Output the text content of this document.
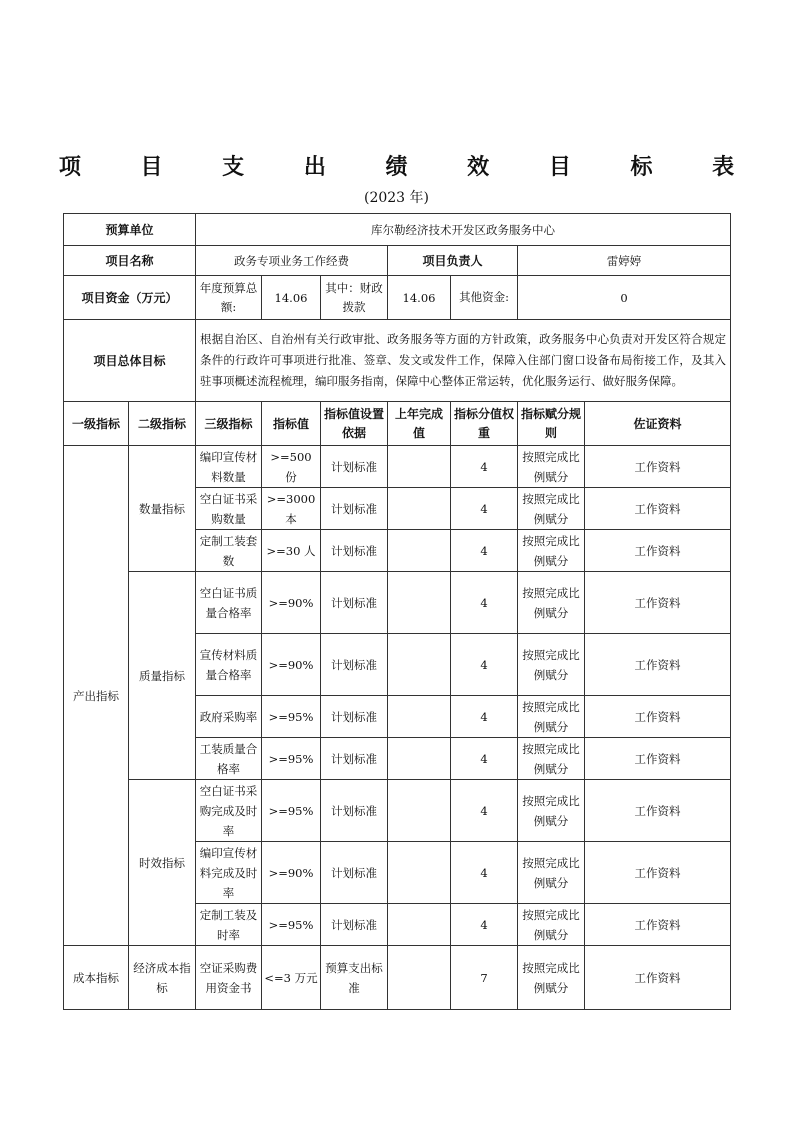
项 目 支 出 绩 效 目 标 表
(2023 年)
预算单位		库尔勒经济技术开发区政务服务中心						
项目名称		政务专项业务工作经费			项目负责人		雷婷婷	
项目资金（万元）		年度预算总额:	14.06	其中：财政拨款	14.06	其他资金:	0	
项目总体目标		根据自治区、自治州有关行政审批、政务服务等方面的方针政策，政务服务中心负责对开发区符合规定条件的行政许可事项进行批准、签章、发文或发件工作，保障入住部门窗口设备布局衔接工作，及其入驻事项概述流程梳理，编印服务指南，保障中心整体正常运转，优化服务运行、做好服务保障。						
一级指标	二级指标	三级指标	指标值	指标值设置依据	上年完成值	指标分值权重	指标赋分规则	佐证资料
产出指标	数量指标	编印宣传材料数量	>=500 份	计划标准		4	按照完成比例赋分	工作资料
		空白证书采购数量	>=3000 本	计划标准		4	按照完成比例赋分	工作资料
		定制工装套数	>=30 人	计划标准		4	按照完成比例赋分	工作资料
	质量指标	空白证书质量合格率	>=90%	计划标准		4	按照完成比例赋分	工作资料
		宣传材料质量合格率	>=90%	计划标准		4	按照完成比例赋分	工作资料
		政府采购率	>=95%	计划标准		4	按照完成比例赋分	工作资料
		工装质量合格率	>=95%	计划标准		4	按照完成比例赋分	工作资料
	时效指标	空白证书采购完成及时率	>=95%	计划标准		4	按照完成比例赋分	工作资料
		编印宣传材料完成及时率	>=90%	计划标准		4	按照完成比例赋分	工作资料
		定制工装及时率	>=95%	计划标准		4	按照完成比例赋分	工作资料
成本指标	经济成本指标	空证采购费用资金书	<=3 万元	预算支出标准		7	按照完成比例赋分	工作资料
